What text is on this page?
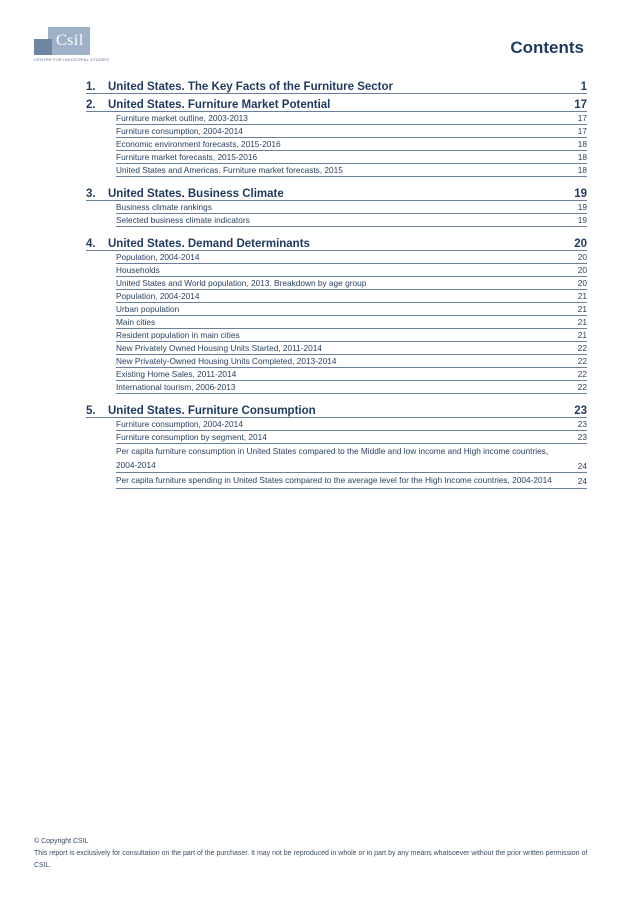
Csil
CENTRE FOR INDUSTRIAL STUDIES
Contents
1.	United States. The Key Facts of the Furniture Sector	1
2.	United States. Furniture Market Potential	17
Furniture market outline, 2003-2013	17
Furniture consumption, 2004-2014	17
Economic environment forecasts, 2015-2016	18
Furniture market forecasts, 2015-2016	18
United States and Americas. Furniture market forecasts, 2015	18
3.	United States. Business Climate	19
Business climate rankings	19
Selected business climate indicators	19
4.	United States. Demand Determinants	20
Population, 2004-2014	20
Households	20
United States and World population, 2013. Breakdown by age group	20
Population, 2004-2014	21
Urban population	21
Main cities	21
Resident population in main cities	21
New Privately Owned Housing Units Started, 2011-2014	22
New Privately-Owned Housing Units Completed, 2013-2014	22
Existing Home Sales, 2011-2014	22
International tourism, 2006-2013	22
5.	United States. Furniture Consumption	23
Furniture consumption, 2004-2014	23
Furniture consumption by segment, 2014	23
Per capita furniture consumption in United States compared to the Middle and low income and High income countries, 2004-2014	24
Per capita furniture spending in United States compared to the average level for the High Income countries, 2004-2014	24
© Copyright CSIL
This report is exclusively for consultation on the part of the purchaser. It may not be reproduced in whole or in part by any means whatsoever without the prior written permission of CSIL.
